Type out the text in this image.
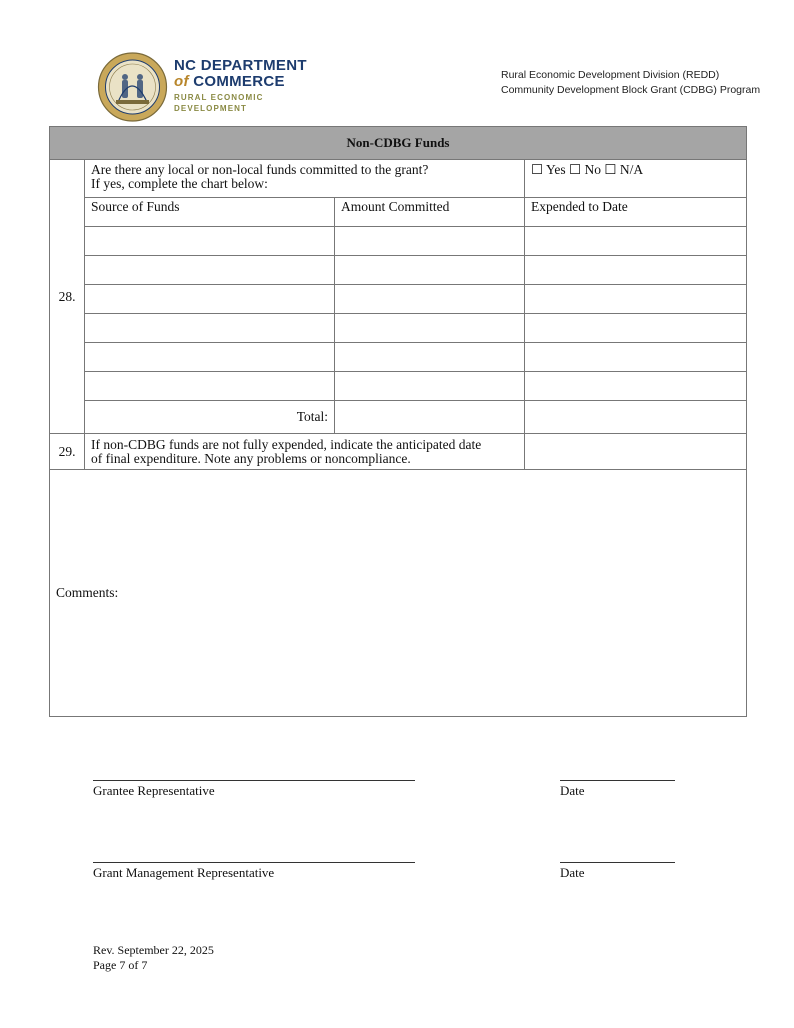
NC DEPARTMENT
of COMMERCE
RURAL ECONOMIC
DEVELOPMENT
Rural Economic Development Division (REDD)
Community Development Block Grant (CDBG) Program
Non-CDBG Funds			
28.	Are there any local or non-local funds committed to the grant?
If yes, complete the chart below:		☐ Yes ☐ No ☐ N/A
	Source of Funds	Amount Committed	Expended to Date

	Total:		
29.	If non-CDBG funds are not fully expended, indicate the anticipated date
of final expenditure. Note any problems or noncompliance.		

Comments:			
Grantee Representative	Date
Grant Management Representative	Date
Rev. September 22, 2025
Page 7 of 7
